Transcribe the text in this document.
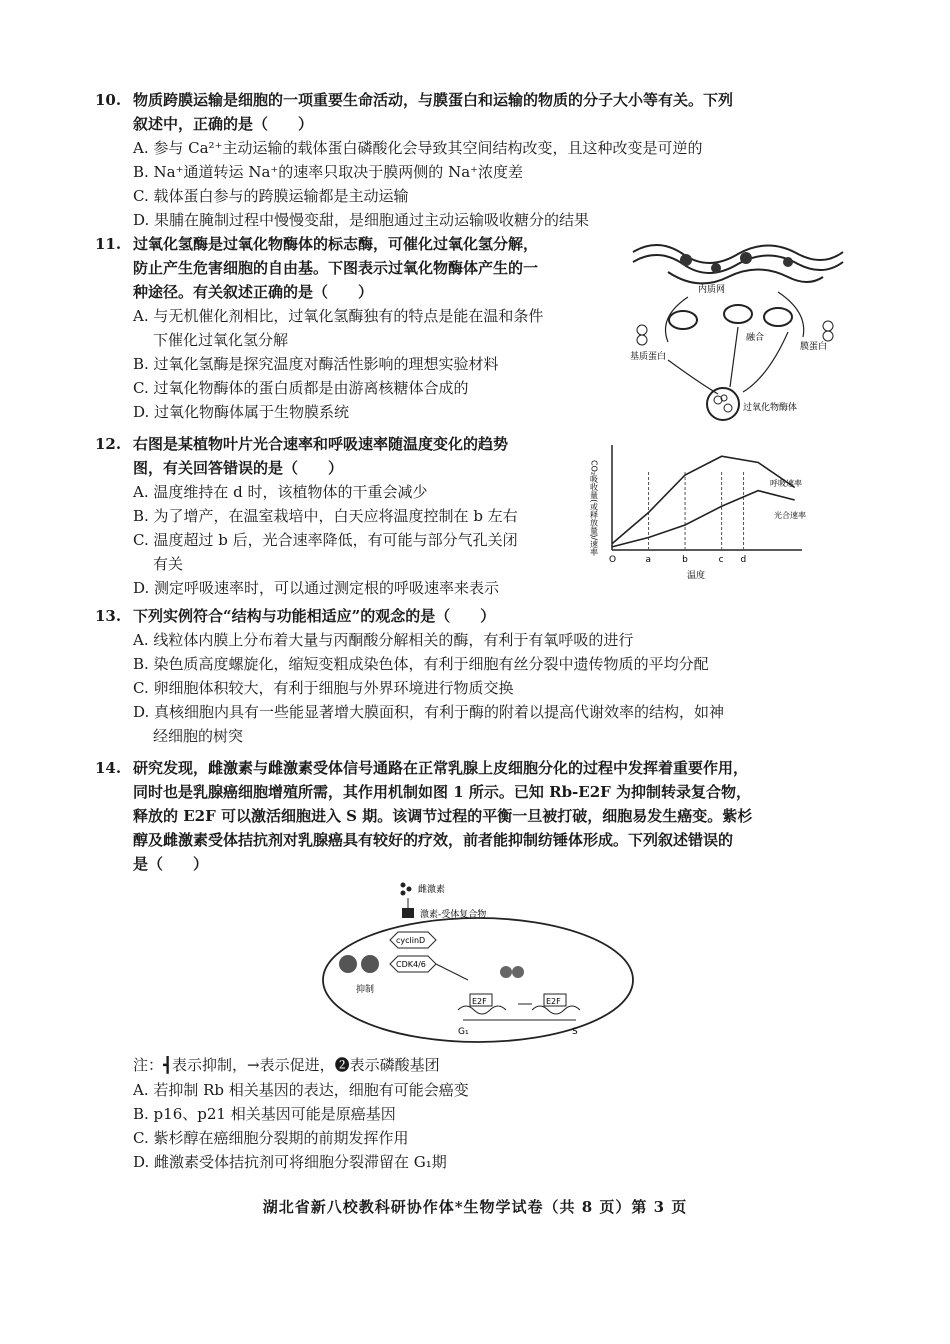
10. 物质跨膜运输是细胞的一项重要生命活动，与膜蛋白和运输的物质的分子大小等有关。下列
叙述中，正确的是（　　）
A. 参与 Ca²⁺主动运输的载体蛋白磷酸化会导致其空间结构改变，且这种改变是可逆的
B. Na⁺通道转运 Na⁺的速率只取决于膜两侧的 Na⁺浓度差
C. 载体蛋白参与的跨膜运输都是主动运输
D. 果脯在腌制过程中慢慢变甜，是细胞通过主动运输吸收糖分的结果
11. 过氧化氢酶是过氧化物酶体的标志酶，可催化过氧化氢分解，
防止产生危害细胞的自由基。下图表示过氧化物酶体产生的一
种途径。有关叙述正确的是（　　）
A. 与无机催化剂相比，过氧化氢酶独有的特点是能在温和条件
下催化过氧化氢分解
B. 过氧化氢酶是探究温度对酶活性影响的理想实验材料
C. 过氧化物酶体的蛋白质都是由游离核糖体合成的
D. 过氧化物酶体属于生物膜系统
内质网
融合
基质蛋白
膜蛋白
过氧化物酶体
12. 右图是某植物叶片光合速率和呼吸速率随温度变化的趋势
图，有关回答错误的是（　　）
A. 温度维持在 d 时，该植物体的干重会减少
B. 为了增产，在温室栽培中，白天应将温度控制在 b 左右
C. 温度超过 b 后，光合速率降低，有可能与部分气孔关闭
有关
D. 测定呼吸速率时，可以通过测定根的呼吸速率来表示
CO₂吸收量(或释放量)/速率
温度
O	a	b	c d
呼吸速率
光合速率
13. 下列实例符合“结构与功能相适应”的观念的是（　　）
A. 线粒体内膜上分布着大量与丙酮酸分解相关的酶，有利于有氧呼吸的进行
B. 染色质高度螺旋化，缩短变粗成染色体，有利于细胞有丝分裂中遗传物质的平均分配
C. 卵细胞体积较大，有利于细胞与外界环境进行物质交换
D. 真核细胞内具有一些能显著增大膜面积，有利于酶的附着以提高代谢效率的结构，如神
经细胞的树突
14. 研究发现，雌激素与雌激素受体信号通路在正常乳腺上皮细胞分化的过程中发挥着重要作用，
同时也是乳腺癌细胞增殖所需，其作用机制如图 1 所示。已知 Rb-E2F 为抑制转录复合物，
释放的 E2F 可以激活细胞进入 S 期。该调节过程的平衡一旦被打破，细胞易发生癌变。紫杉
醇及雌激素受体拮抗剂对乳腺癌具有较好的疗效，前者能抑制纺锤体形成。下列叙述错误的
是（　　）
雌激素
激素-受体复合物
cyclinD
CDK4/6
抑制
E2F	E2F
G₁	S
注：┫表示抑制，→表示促进，❷表示磷酸基团
A. 若抑制 Rb 相关基因的表达，细胞有可能会癌变
B. p16、p21 相关基因可能是原癌基因
C. 紫杉醇在癌细胞分裂期的前期发挥作用
D. 雌激素受体拮抗剂可将细胞分裂滞留在 G₁期
湖北省新八校教科研协作体*生物学试卷（共 8 页）第 3 页
